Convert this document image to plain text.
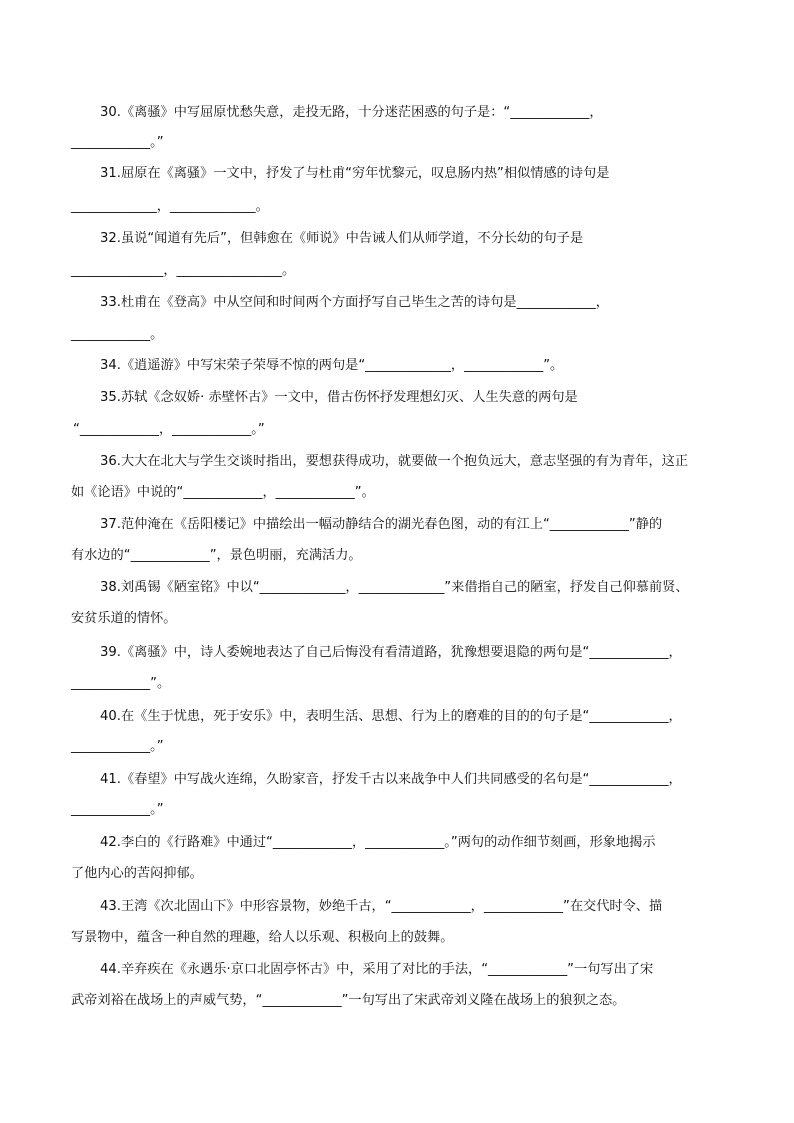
30.《离骚》中写屈原忧愁失意，走投无路，十分迷茫困惑的句子是：“____________，
____________。”
31.屈原在《离骚》一文中，抒发了与杜甫“穷年忧黎元，叹息肠内热”相似情感的诗句是
_____________，_____________。
32.虽说“闻道有先后”，但韩愈在《师说》中告诫人们从师学道，不分长幼的句子是
______________，________________。
33.杜甫在《登高》中从空间和时间两个方面抒写自己毕生之苦的诗句是____________，
____________。
34.《逍遥游》中写宋荣子荣辱不惊的两句是“_____________，____________”。
35.苏轼《念奴娇· 赤壁怀古》一文中，借古伤怀抒发理想幻灭、人生失意的两句是
“____________，____________。”
36.大大在北大与学生交谈时指出，要想获得成功，就要做一个抱负远大，意志坚强的有为青年，这正
如《论语》中说的“____________，____________”。
37.范仲淹在《岳阳楼记》中描绘出一幅动静结合的湖光春色图，动的有江上“____________”静的
有水边的“____________”，景色明丽，充满活力。
38.刘禹锡《陋室铭》中以“_____________，_____________”来借指自己的陋室，抒发自己仰慕前贤、
安贫乐道的情怀。
39.《离骚》中，诗人委婉地表达了自己后悔没有看清道路，犹豫想要退隐的两句是“____________，
____________”。
40.在《生于忧患，死于安乐》中，表明生活、思想、行为上的磨难的目的的句子是“____________，
____________。”
41.《春望》中写战火连绵，久盼家音，抒发千古以来战争中人们共同感受的名句是“____________，
____________。”
42.李白的《行路难》中通过“____________，____________。”两句的动作细节刻画，形象地揭示
了他内心的苦闷抑郁。
43.王湾《次北固山下》中形容景物，妙绝千古，“____________，____________”在交代时令、描
写景物中，蕴含一种自然的理趣，给人以乐观、积极向上的鼓舞。
44.辛弃疾在《永遇乐·京口北固亭怀古》中，采用了对比的手法，“____________”一句写出了宋
武帝刘裕在战场上的声威气势，“____________”一句写出了宋武帝刘义隆在战场上的狼狈之态。
